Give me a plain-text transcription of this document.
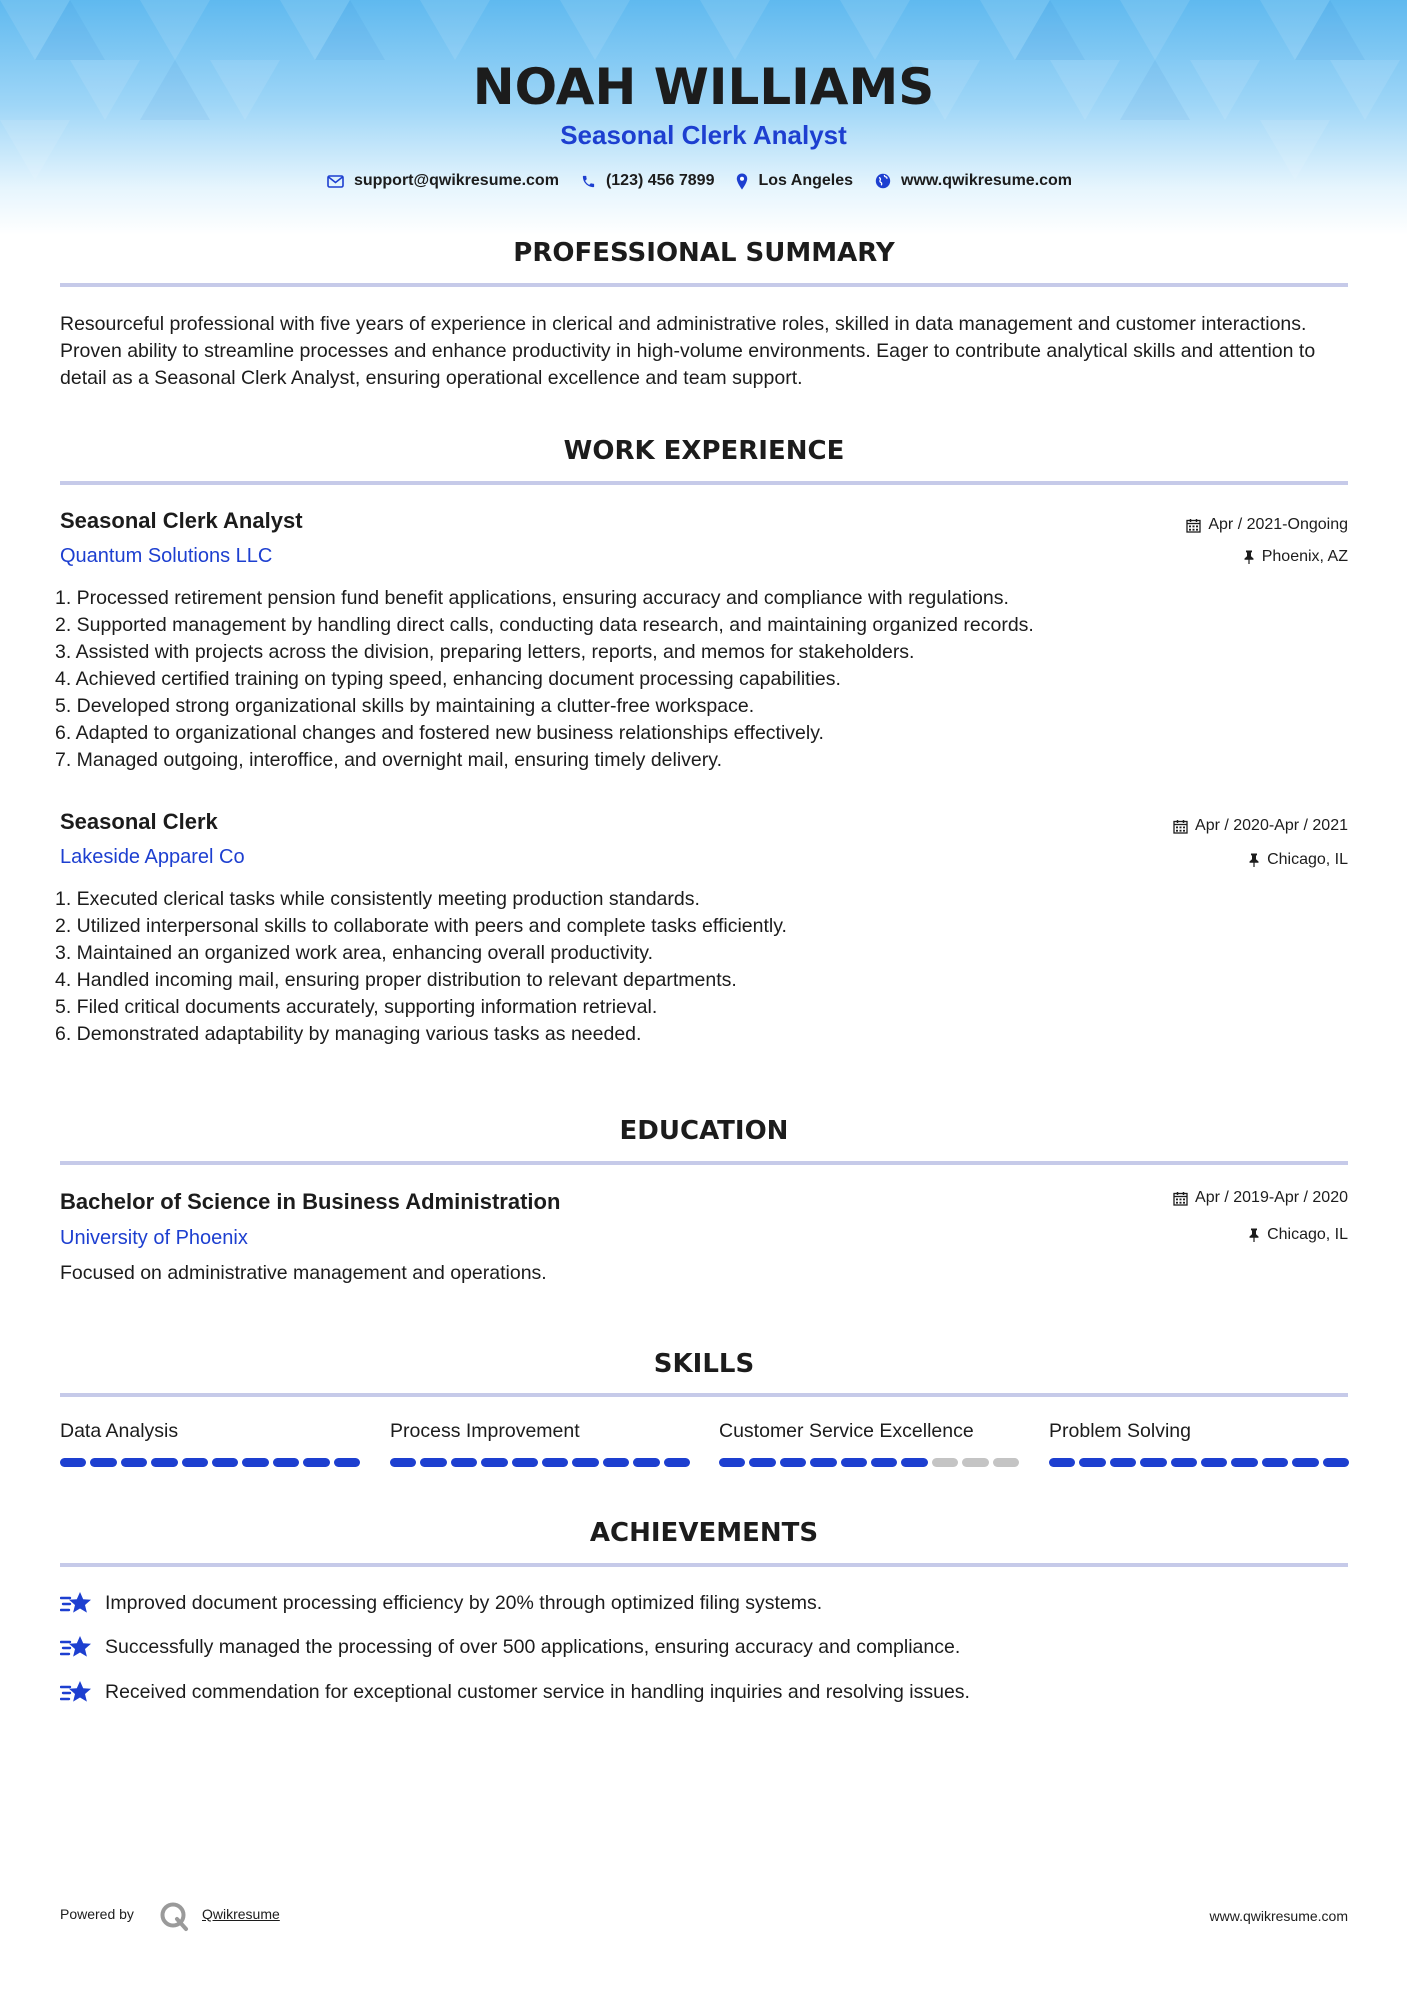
NOAH WILLIAMS
Seasonal Clerk Analyst
support@qwikresume.com	(123) 456 7899	Los Angeles	www.qwikresume.com
PROFESSIONAL SUMMARY
Resourceful professional with five years of experience in clerical and administrative roles, skilled in data management and customer interactions. Proven ability to streamline processes and enhance productivity in high-volume environments. Eager to contribute analytical skills and attention to detail as a Seasonal Clerk Analyst, ensuring operational excellence and team support.
WORK EXPERIENCE
Seasonal Clerk Analyst
Quantum Solutions LLC
Apr / 2021-Ongoing
Phoenix, AZ
1. Processed retirement pension fund benefit applications, ensuring accuracy and compliance with regulations.
2. Supported management by handling direct calls, conducting data research, and maintaining organized records.
3. Assisted with projects across the division, preparing letters, reports, and memos for stakeholders.
4. Achieved certified training on typing speed, enhancing document processing capabilities.
5. Developed strong organizational skills by maintaining a clutter-free workspace.
6. Adapted to organizational changes and fostered new business relationships effectively.
7. Managed outgoing, interoffice, and overnight mail, ensuring timely delivery.
Seasonal Clerk
Lakeside Apparel Co
Apr / 2020-Apr / 2021
Chicago, IL
1. Executed clerical tasks while consistently meeting production standards.
2. Utilized interpersonal skills to collaborate with peers and complete tasks efficiently.
3. Maintained an organized work area, enhancing overall productivity.
4. Handled incoming mail, ensuring proper distribution to relevant departments.
5. Filed critical documents accurately, supporting information retrieval.
6. Demonstrated adaptability by managing various tasks as needed.
EDUCATION
Bachelor of Science in Business Administration
University of Phoenix
Apr / 2019-Apr / 2020
Chicago, IL
Focused on administrative management and operations.
SKILLS
Data Analysis	Process Improvement	Customer Service Excellence	Problem Solving
ACHIEVEMENTS
Improved document processing efficiency by 20% through optimized filing systems.
Successfully managed the processing of over 500 applications, ensuring accuracy and compliance.
Received commendation for exceptional customer service in handling inquiries and resolving issues.
Powered by	Qwikresume	www.qwikresume.com
